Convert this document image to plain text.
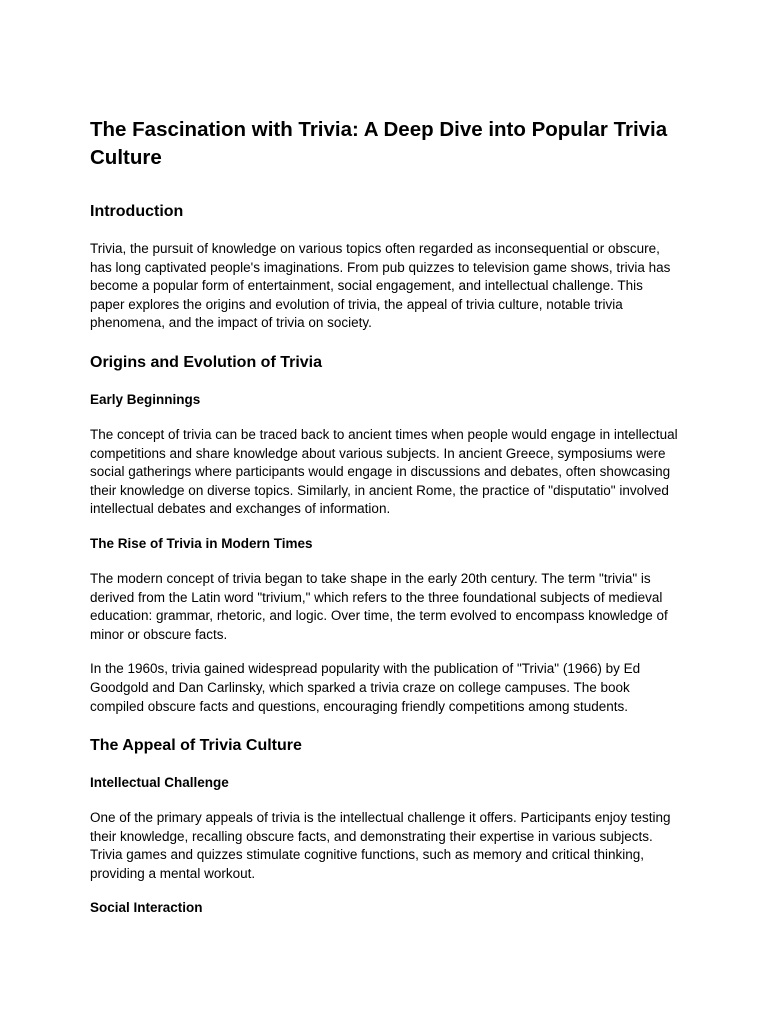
The Fascination with Trivia: A Deep Dive into Popular Trivia Culture
Introduction

Trivia, the pursuit of knowledge on various topics often regarded as inconsequential or obscure, has long captivated people's imaginations. From pub quizzes to television game shows, trivia has become a popular form of entertainment, social engagement, and intellectual challenge. This paper explores the origins and evolution of trivia, the appeal of trivia culture, notable trivia phenomena, and the impact of trivia on society.

Origins and Evolution of Trivia
Early Beginnings

The concept of trivia can be traced back to ancient times when people would engage in intellectual competitions and share knowledge about various subjects. In ancient Greece, symposiums were social gatherings where participants would engage in discussions and debates, often showcasing their knowledge on diverse topics. Similarly, in ancient Rome, the practice of "disputatio" involved intellectual debates and exchanges of information.

The Rise of Trivia in Modern Times

The modern concept of trivia began to take shape in the early 20th century. The term "trivia" is derived from the Latin word "trivium," which refers to the three foundational subjects of medieval education: grammar, rhetoric, and logic. Over time, the term evolved to encompass knowledge of minor or obscure facts.

In the 1960s, trivia gained widespread popularity with the publication of "Trivia" (1966) by Ed Goodgold and Dan Carlinsky, which sparked a trivia craze on college campuses. The book compiled obscure facts and questions, encouraging friendly competitions among students.

The Appeal of Trivia Culture
Intellectual Challenge

One of the primary appeals of trivia is the intellectual challenge it offers. Participants enjoy testing their knowledge, recalling obscure facts, and demonstrating their expertise in various subjects. Trivia games and quizzes stimulate cognitive functions, such as memory and critical thinking, providing a mental workout.

Social Interaction
